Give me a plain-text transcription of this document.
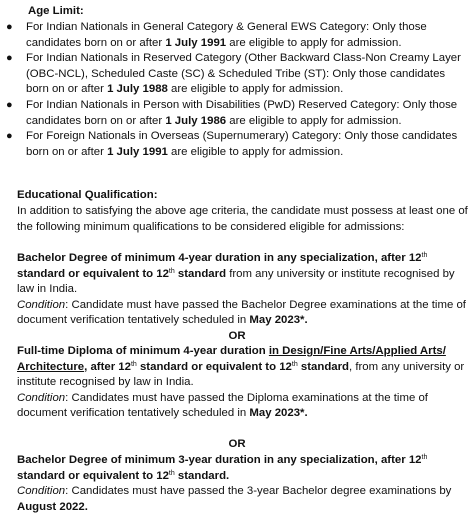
Age Limit:
● For Indian Nationals in General Category & General EWS Category: Only those candidates born on or after 1 July 1991 are eligible to apply for admission.
● For Indian Nationals in Reserved Category (Other Backward Class-Non Creamy Layer (OBC-NCL), Scheduled Caste (SC) & Scheduled Tribe (ST): Only those candidates born on or after 1 July 1988 are eligible to apply for admission.
● For Indian Nationals in Person with Disabilities (PwD) Reserved Category: Only those candidates born on or after 1 July 1986 are eligible to apply for admission.
● For Foreign Nationals in Overseas (Supernumerary) Category: Only those candidates born on or after 1 July 1991 are eligible to apply for admission.
Educational Qualification:
In addition to satisfying the above age criteria, the candidate must possess at least one of the following minimum qualifications to be considered eligible for admissions:
Bachelor Degree of minimum 4-year duration in any specialization, after 12th standard or equivalent to 12th standard from any university or institute recognised by law in India.
Condition: Candidate must have passed the Bachelor Degree examinations at the time of document verification tentatively scheduled in May 2023*.
OR
Full-time Diploma of minimum 4-year duration in Design/Fine Arts/Applied Arts/ Architecture, after 12th standard or equivalent to 12th standard, from any university or institute recognised by law in India.
Condition: Candidates must have passed the Diploma examinations at the time of document verification tentatively scheduled in May 2023*.
OR
Bachelor Degree of minimum 3-year duration in any specialization, after 12th standard or equivalent to 12th standard.
Condition: Candidates must have passed the 3-year Bachelor degree examinations by August 2022.
